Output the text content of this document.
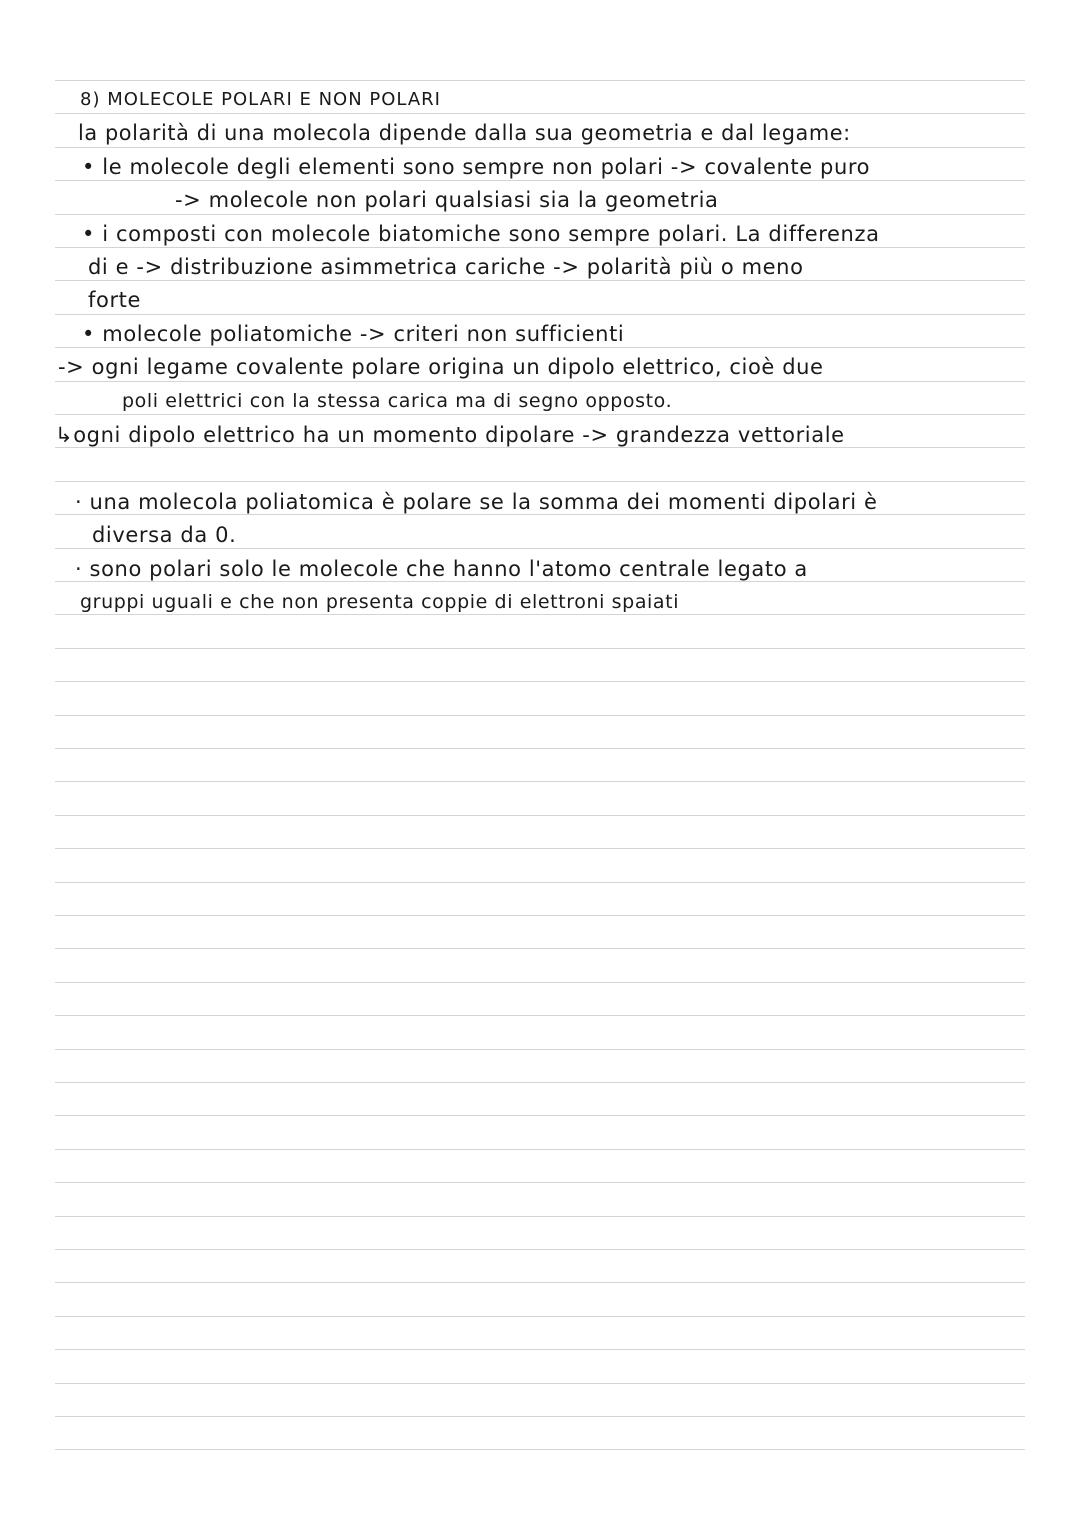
8) MOLECOLE POLARI E NON POLARI
la polarità di una molecola dipende dalla sua geometria e dal legame:
• le molecole degli elementi sono sempre non polari -> covalente puro
-> molecole non polari qualsiasi sia la geometria
• i composti con molecole biatomiche sono sempre polari. La differenza
di e -> distribuzione asimmetrica cariche -> polarità più o meno
forte
• molecole poliatomiche -> criteri non sufficienti
-> ogni legame covalente polare origina un dipolo elettrico, cioè due
poli elettrici con la stessa carica ma di segno opposto.
↳ogni dipolo elettrico ha un momento dipolare -> grandezza vettoriale
· una molecola poliatomica è polare se la somma dei momenti dipolari è
diversa da 0.
· sono polari solo le molecole che hanno l'atomo centrale legato a
gruppi uguali e che non presenta coppie di elettroni spaiati
